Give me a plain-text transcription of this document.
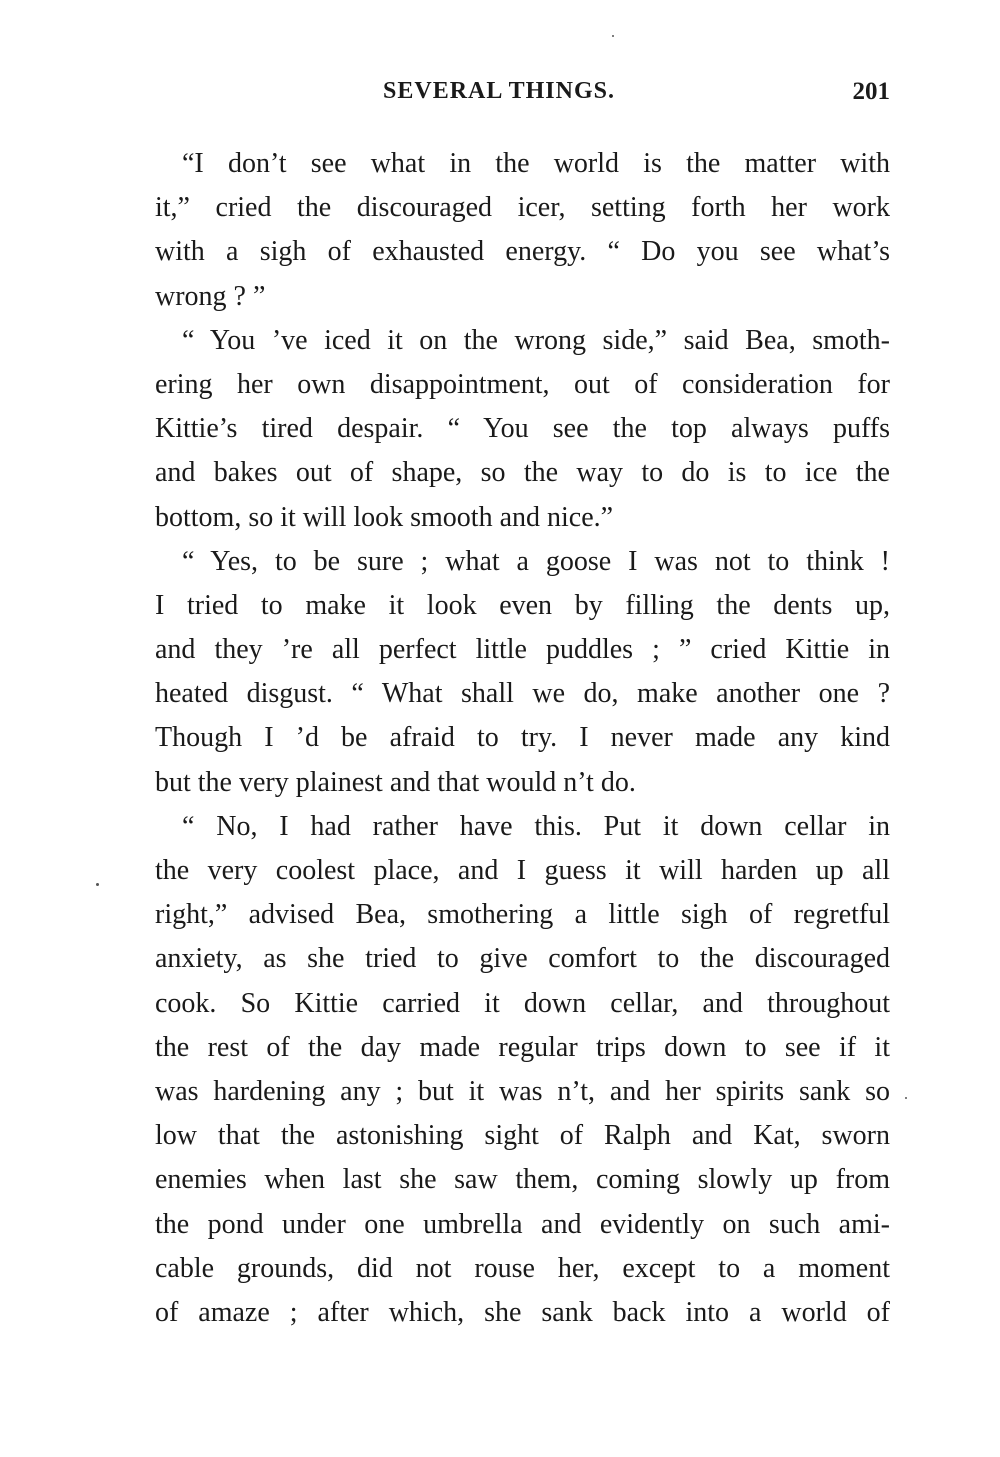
SEVERAL THINGS.	201
“I don’t see what in the world is the matter with
it,” cried the discouraged icer, setting forth her work
with a sigh of exhausted energy. “ Do you see what’s
wrong ? ”
“ You ’ve iced it on the wrong side,” said Bea, smoth-
ering her own disappointment, out of consideration for
Kittie’s tired despair. “ You see the top always puffs
and bakes out of shape, so the way to do is to ice the
bottom, so it will look smooth and nice.”
“ Yes, to be sure ; what a goose I was not to think !
I tried to make it look even by filling the dents up,
and they ’re all perfect little puddles ; ” cried Kittie in
heated disgust. “ What shall we do, make another one ?
Though I ’d be afraid to try. I never made any kind
but the very plainest and that would n’t do.
“ No, I had rather have this. Put it down cellar in
the very coolest place, and I guess it will harden up all
right,” advised Bea, smothering a little sigh of regretful
anxiety, as she tried to give comfort to the discouraged
cook. So Kittie carried it down cellar, and throughout
the rest of the day made regular trips down to see if it
was hardening any ; but it was n’t, and her spirits sank so
low that the astonishing sight of Ralph and Kat, sworn
enemies when last she saw them, coming slowly up from
the pond under one umbrella and evidently on such ami-
cable grounds, did not rouse her, except to a moment
of amaze ; after which, she sank back into a world of
